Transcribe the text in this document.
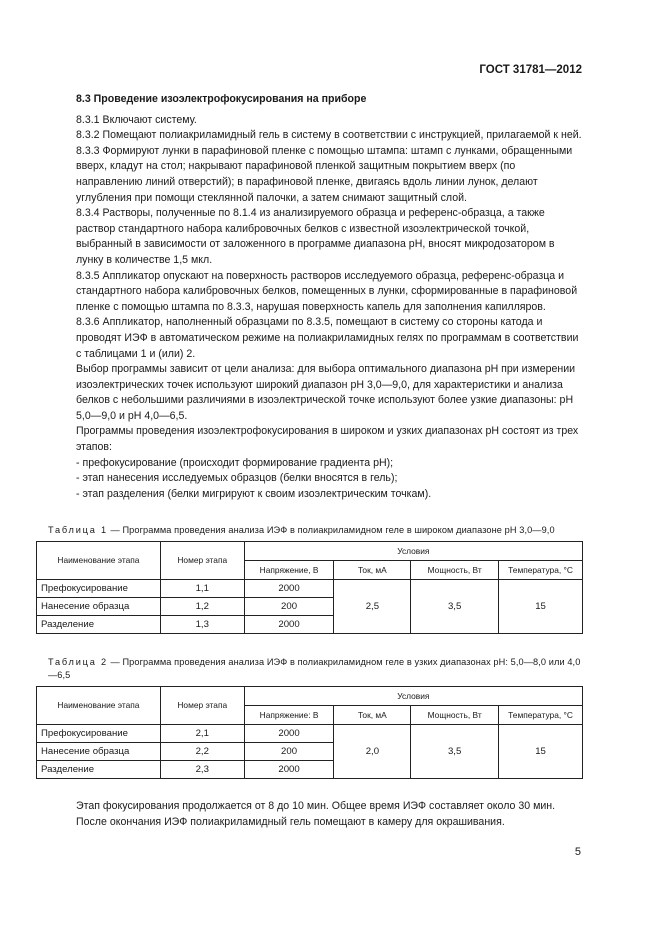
ГОСТ 31781—2012
8.3 Проведение изоэлектрофокусирования на приборе

8.3.1 Включают систему.

8.3.2 Помещают полиакриламидный гель в систему в соответствии с инструкцией, прилагаемой к ней.

8.3.3 Формируют лунки в парафиновой пленке с помощью штампа: штамп с лунками, обращенными вверх, кладут на стол; накрывают парафиновой пленкой защитным покрытием вверх (по направлению линий отверстий); в парафиновой пленке, двигаясь вдоль линии лунок, делают углубления при помощи стеклянной палочки, а затем снимают защитный слой.

8.3.4 Растворы, полученные по 8.1.4 из анализируемого образца и референс-образца, а также раствор стандартного набора калибровочных белков с известной изоэлектрической точкой, выбранный в зависимости от заложенного в программе диапазона рН, вносят микродозатором в лунку в количестве 1,5 мкл.

8.3.5 Аппликатор опускают на поверхность растворов исследуемого образца, референс-образца и стандартного набора калибровочных белков, помещенных в лунки, сформированные в парафиновой пленке с помощью штампа по 8.3.3, нарушая поверхность капель для заполнения капилляров.

8.3.6 Аппликатор, наполненный образцами по 8.3.5, помещают в систему со стороны катода и проводят ИЭФ в автоматическом режиме на полиакриламидных гелях по программам в соответствии с таблицами 1 и (или) 2.

Выбор программы зависит от цели анализа: для выбора оптимального диапазона рН при измерении изоэлектрических точек используют широкий диапазон рН 3,0—9,0, для характеристики и анализа белков с небольшими различиями в изоэлектрической точке используют более узкие диапазоны: рН 5,0—9,0 и рН 4,0—6,5.

Программы проведения изоэлектрофокусирования в широком и узких диапазонах рН состоят из трех этапов:

- префокусирование (происходит формирование градиента рН);

- этап нанесения исследуемых образцов (белки вносятся в гель);

- этап разделения (белки мигрируют к своим изоэлектрическим точкам).

Таблица 1 — Программа проведения анализа ИЭФ в полиакриламидном геле в широком диапазоне рН 3,0—9,0
Наименование этапа	Номер этапа	Условия			
		Напряжение, В	Ток, мА	Мощность, Вт	Температура, °С
Префокусирование	1,1	2000	2,5	3,5	15
Нанесение образца	1,2	200			
Разделение	1,3	2000			
Таблица 2 — Программа проведения анализа ИЭФ в полиакриламидном геле в узких диапазонах рН: 5,0—8,0 или 4,0—6,5
Наименование этапа	Номер этапа	Условия			
		Напряжение: В	Ток, мА	Мощность, Вт	Температура, °С
Префокусирование	2,1	2000	2,0	3,5	15
Нанесение образца	2,2	200			
Разделение	2,3	2000			

Этап фокусирования продолжается от 8 до 10 мин. Общее время ИЭФ составляет около 30 мин.

После окончания ИЭФ полиакриламидный гель помещают в камеру для окрашивания.

5
